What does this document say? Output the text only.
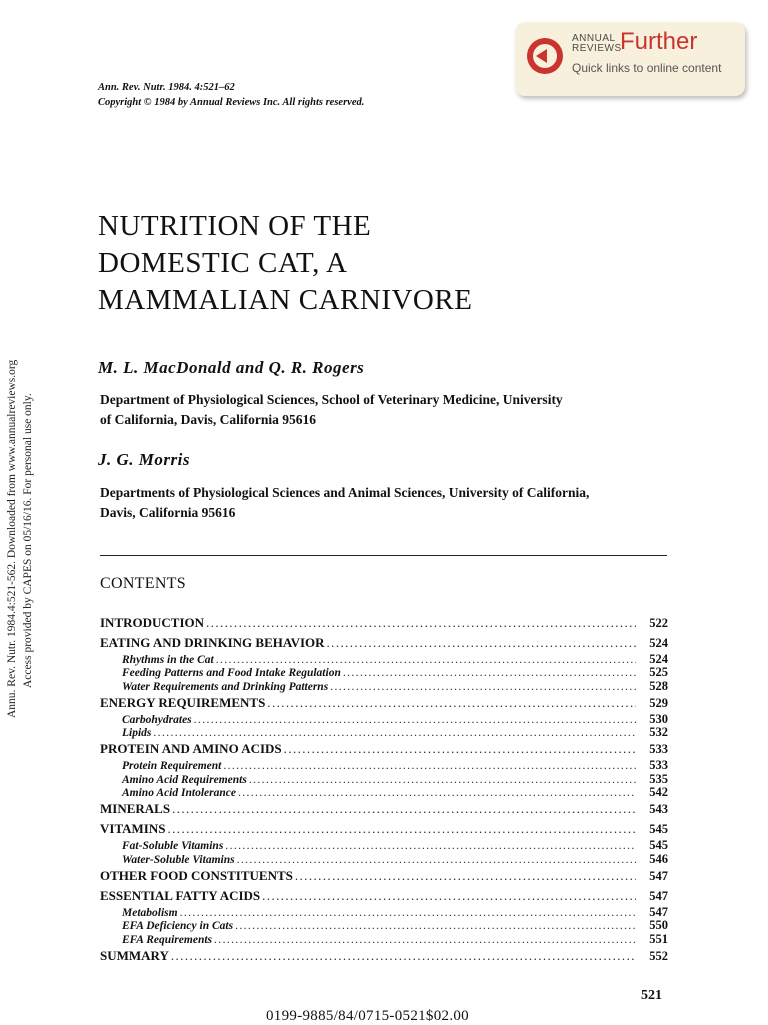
Annu. Rev. Nutr. 1984.4:521-562. Downloaded from www.annualreviews.org Access provided by CAPES on 05/16/16. For personal use only.
ANNUAL
REVIEWS
Further
Quick links to online content
Ann. Rev. Nutr. 1984. 4:521–62
Copyright © 1984 by Annual Reviews Inc. All rights reserved.
NUTRITION OF THE
DOMESTIC CAT, A
MAMMALIAN CARNIVORE
M. L. MacDonald and Q. R. Rogers
Department of Physiological Sciences, School of Veterinary Medicine, University
of California, Davis, California 95616
J. G. Morris
Departments of Physiological Sciences and Animal Sciences, University of California,
Davis, California 95616
CONTENTS
INTRODUCTION .....	522
EATING AND DRINKING BEHAVIOR .....	524
Rhythms in the Cat .....	524
Feeding Patterns and Food Intake Regulation .....	525
Water Requirements and Drinking Patterns .....	528
ENERGY REQUIREMENTS .....	529
Carbohydrates .....	530
Lipids .....	532
PROTEIN AND AMINO ACIDS .....	533
Protein Requirement .....	533
Amino Acid Requirements .....	535
Amino Acid Intolerance .....	542
MINERALS .....	543
VITAMINS .....	545
Fat-Soluble Vitamins .....	545
Water-Soluble Vitamins .....	546
OTHER FOOD CONSTITUENTS .....	547
ESSENTIAL FATTY ACIDS .....	547
Metabolism .....	547
EFA Deficiency in Cats .....	550
EFA Requirements .....	551
SUMMARY .....	552
521
0199-9885/84/0715-0521$02.00
